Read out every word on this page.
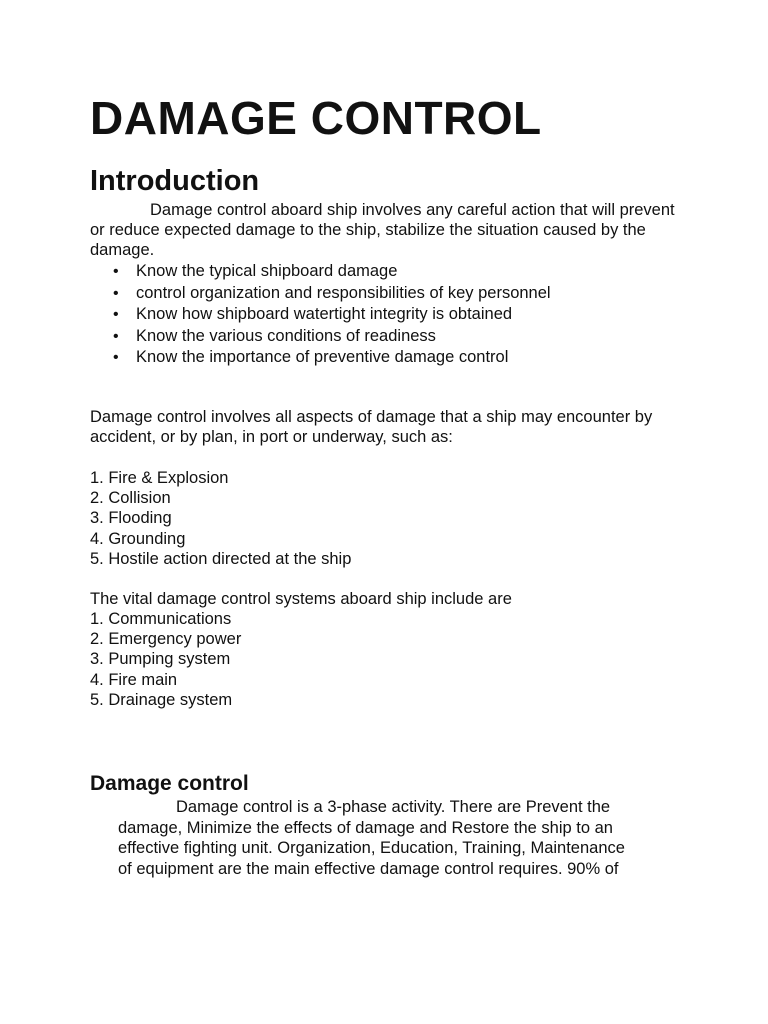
DAMAGE CONTROL
Introduction

Damage control aboard ship involves any careful action that will prevent or reduce expected damage to the ship, stabilize the situation caused by the damage.

• Know the typical shipboard damage
• control organization and responsibilities of key personnel
• Know how shipboard watertight integrity is obtained
• Know the various conditions of readiness
• Know the importance of preventive damage control

Damage control involves all aspects of damage that a ship may encounter by accident, or by plan, in port or underway, such as:

1. Fire & Explosion
2. Collision
3. Flooding
4. Grounding
5. Hostile action directed at the ship

The vital damage control systems aboard ship include are

1. Communications
2. Emergency power
3. Pumping system
4. Fire main
5. Drainage system
Damage control
Damage control is a 3-phase activity. There are Prevent the
damage, Minimize the effects of damage and Restore the ship to an
effective fighting unit. Organization, Education, Training, Maintenance
of equipment are the main effective damage control requires. 90% of
